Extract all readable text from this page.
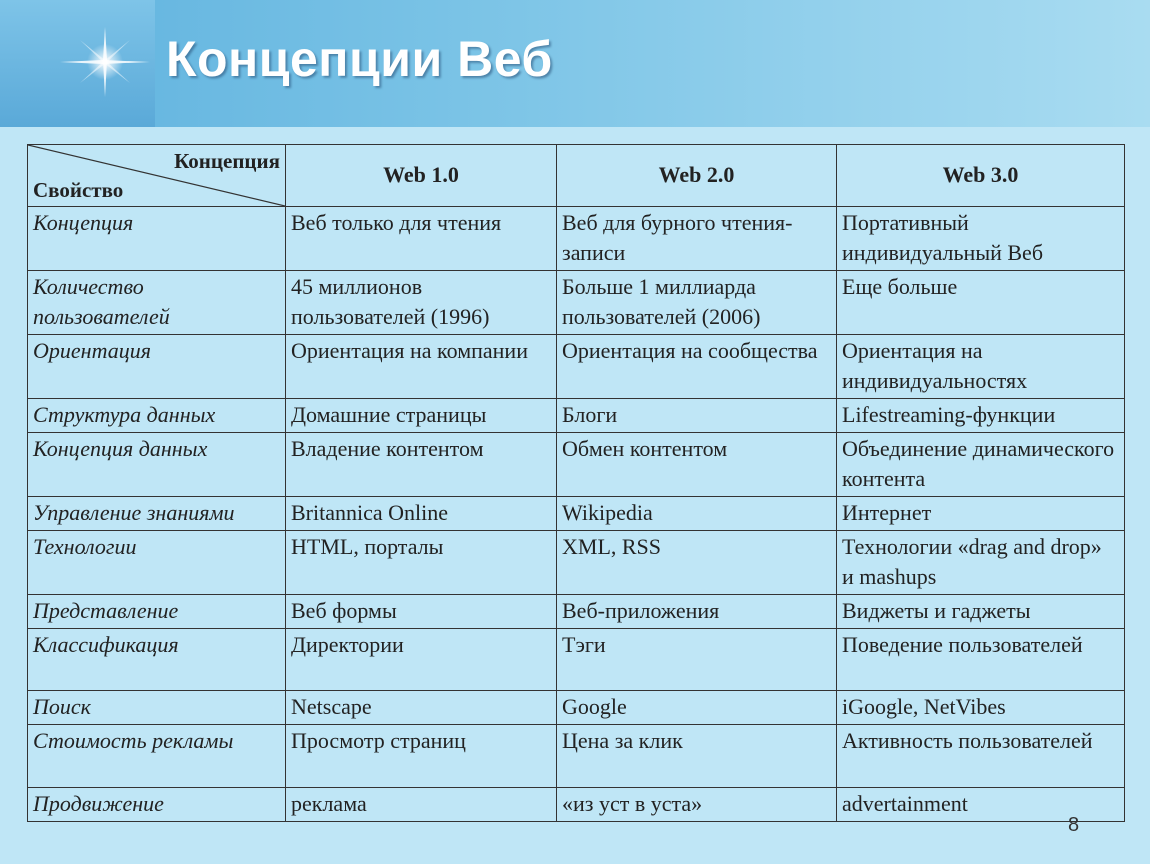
Концепции Веб
Концепция
Свойство	Web 1.0	Web 2.0	Web 3.0
Концепция	Веб только для чтения	Веб для бурного чтения-записи	Портативный индивидуальный Веб
Количество пользователей	45 миллионов пользователей (1996)	Больше 1 миллиарда пользователей (2006)	Еще больше
Ориентация	Ориентация на компании	Ориентация на сообщества	Ориентация на индивидуальностях
Структура данных	Домашние страницы	Блоги	Lifestreaming-функции
Концепция данных	Владение контентом	Обмен контентом	Объединение динамического контента
Управление знаниями	Britannica Online	Wikipedia	Интернет
Технологии	HTML, порталы	XML, RSS	Технологии «drag and drop» и mashups
Представление	Веб формы	Веб-приложения	Виджеты и гаджеты
Классификация	Директории	Тэги	Поведение пользователей
Поиск	Netscape	Google	iGoogle, NetVibes
Стоимость рекламы	Просмотр страниц	Цена за клик	Активность пользователей
Продвижение	реклама	«из уст в уста»	advertainment
8
